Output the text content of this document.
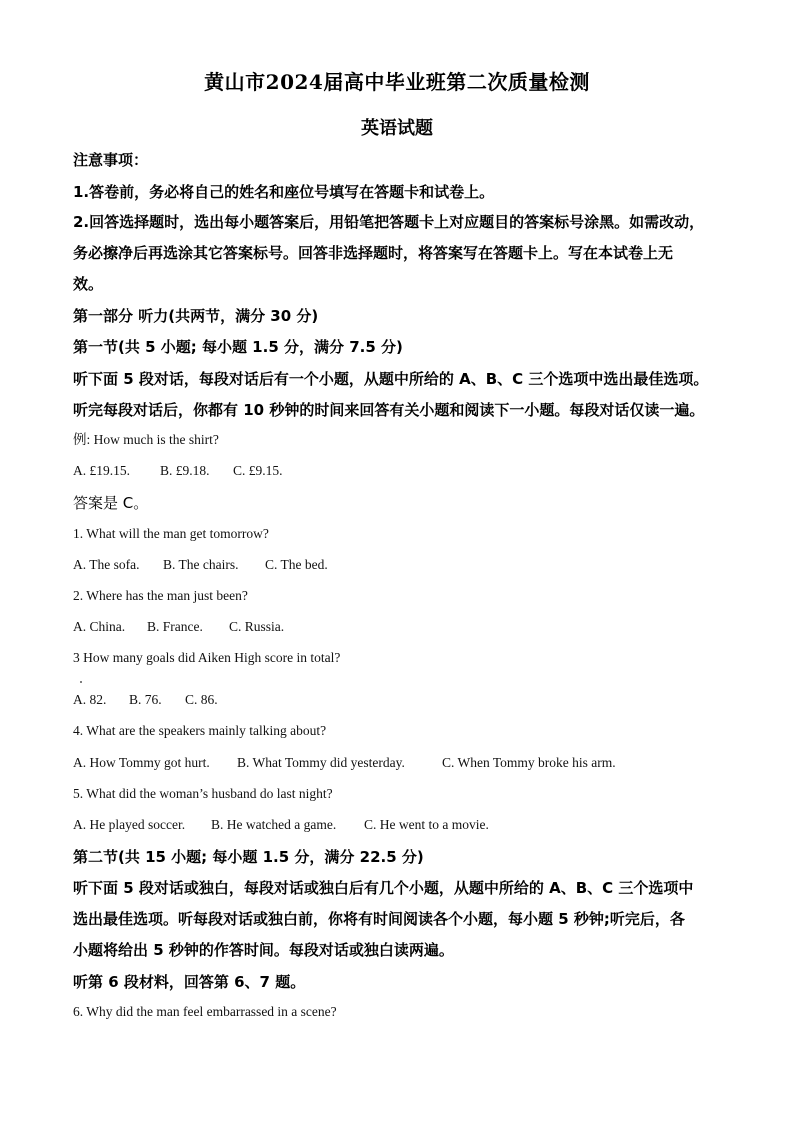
黄山市2024届高中毕业班第二次质量检测
英语试题
注意事项：
1.答卷前，务必将自己的姓名和座位号填写在答题卡和试卷上。
2.回答选择题时，选出每小题答案后，用铅笔把答题卡上对应题目的答案标号涂黑。如需改动，
务必擦净后再选涂其它答案标号。回答非选择题时，将答案写在答题卡上。写在本试卷上无
效。
第一部分 听力(共两节，满分 30 分)
第一节(共 5 小题; 每小题 1.5 分，满分 7.5 分)
听下面 5 段对话，每段对话后有一个小题，从题中所给的 A、B、C 三个选项中选出最佳选项。
听完每段对话后，你都有 10 秒钟的时间来回答有关小题和阅读下一小题。每段对话仅读一遍。
例: How much is the shirt?
A. £19.15. B. £9.18. C. £9.15.
答案是 C。
1. What will the man get tomorrow?
A. The sofa. B. The chairs. C. The bed.
2. Where has the man just been?
A. China. B. France. C. Russia.
3 How many goals did Aiken High score in total?
A. 82. B. 76. C. 86.
4. What are the speakers mainly talking about?
A. How Tommy got hurt. B. What Tommy did yesterday.	C. When Tommy broke his arm.
5. What did the woman’s husband do last night?
A. He played soccer. B. He watched a game. C. He went to a movie.
第二节(共 15 小题; 每小题 1.5 分，满分 22.5 分)
听下面 5 段对话或独白，每段对话或独白后有几个小题，从题中所给的 A、B、C 三个选项中
选出最佳选项。听每段对话或独白前，你将有时间阅读各个小题，每小题 5 秒钟;听完后，各
小题将给出 5 秒钟的作答时间。每段对话或独白读两遍。
听第 6 段材料，回答第 6、7 题。
6. Why did the man feel embarrassed in a scene?
